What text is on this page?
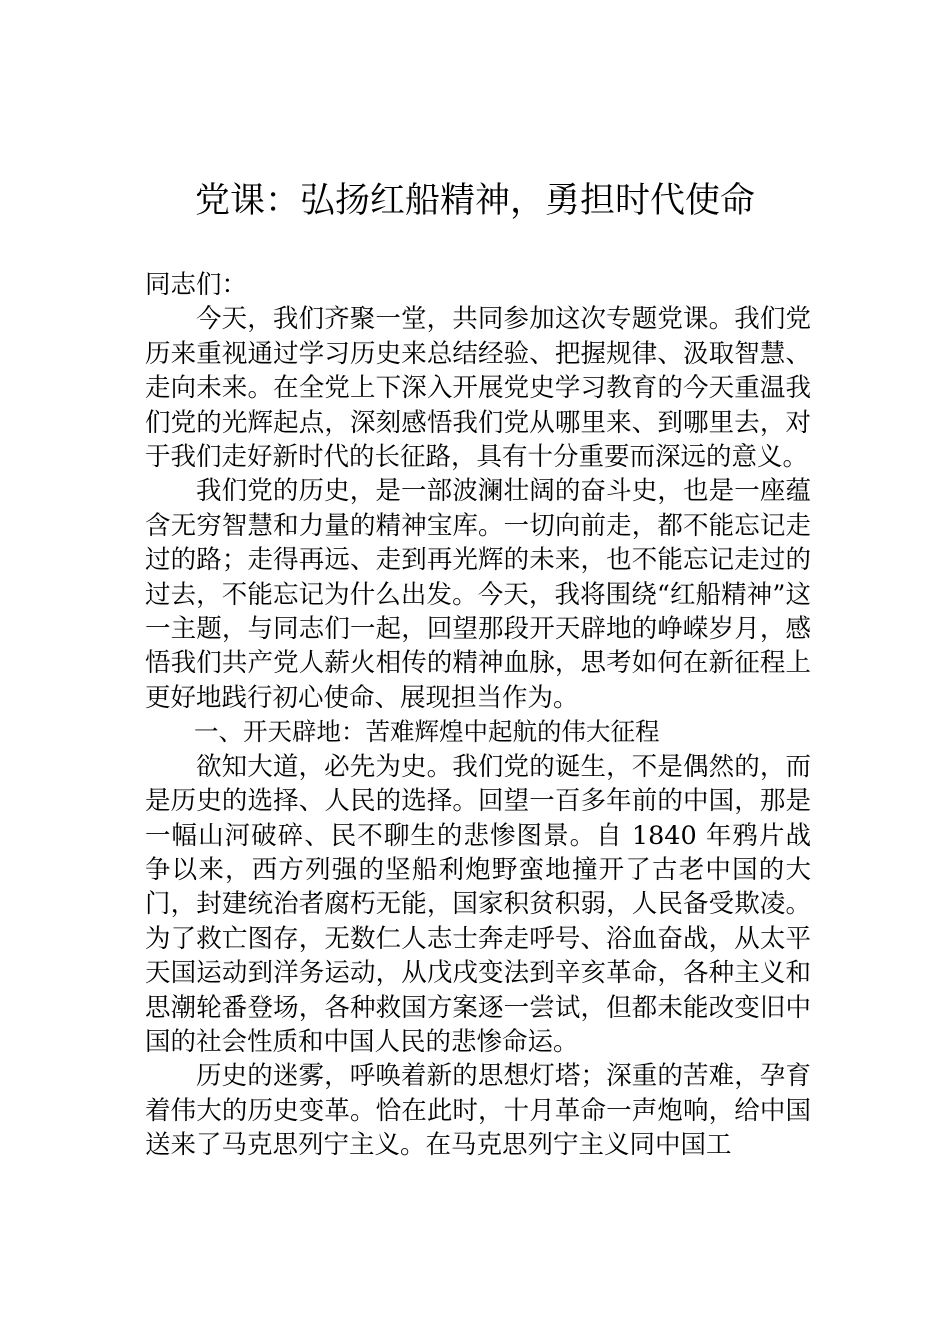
党课：弘扬红船精神，勇担时代使命

同志们：

今天，我们齐聚一堂，共同参加这次专题党课。我们党历来重视通过学习历史来总结经验、把握规律、汲取智慧、走向未来。在全党上下深入开展党史学习教育的今天重温我们党的光辉起点，深刻感悟我们党从哪里来、到哪里去，对于我们走好新时代的长征路，具有十分重要而深远的意义。

我们党的历史，是一部波澜壮阔的奋斗史，也是一座蕴含无穷智慧和力量的精神宝库。一切向前走，都不能忘记走过的路；走得再远、走到再光辉的未来，也不能忘记走过的过去，不能忘记为什么出发。今天，我将围绕“红船精神”这一主题，与同志们一起，回望那段开天辟地的峥嵘岁月，感悟我们共产党人薪火相传的精神血脉，思考如何在新征程上更好地践行初心使命、展现担当作为。

一、开天辟地：苦难辉煌中起航的伟大征程

欲知大道，必先为史。我们党的诞生，不是偶然的，而是历史的选择、人民的选择。回望一百多年前的中国，那是一幅山河破碎、民不聊生的悲惨图景。自 1840 年鸦片战争以来，西方列强的坚船利炮野蛮地撞开了古老中国的大门，封建统治者腐朽无能，国家积贫积弱，人民备受欺凌。为了救亡图存，无数仁人志士奔走呼号、浴血奋战，从太平天国运动到洋务运动，从戊戌变法到辛亥革命，各种主义和思潮轮番登场，各种救国方案逐一尝试，但都未能改变旧中国的社会性质和中国人民的悲惨命运。

历史的迷雾，呼唤着新的思想灯塔；深重的苦难，孕育着伟大的历史变革。恰在此时，十月革命一声炮响，给中国送来了马克思列宁主义。在马克思列宁主义同中国工
